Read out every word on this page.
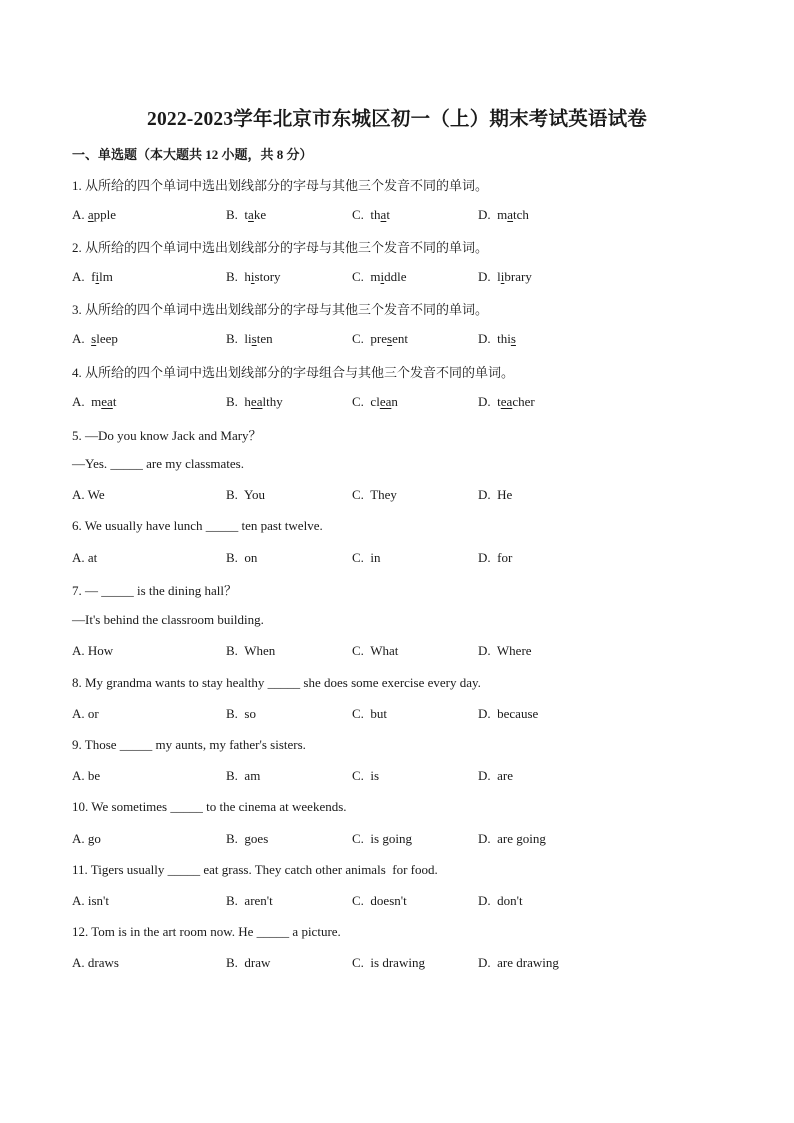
2022-2023学年北京市东城区初一（上）期末考试英语试卷
一、单选题（本大题共 12 小题，共 8 分）
1. 从所给的四个单词中选出划线部分的字母与其他三个发音不同的单词。
A. apple	B.  take	C.  that	D.  match
2. 从所给的四个单词中选出划线部分的字母与其他三个发音不同的单词。
A.  film	B.  history	C.  middle	D.  library
3. 从所给的四个单词中选出划线部分的字母与其他三个发音不同的单词。
A.  sleep	B.  listen	C.  present	D.  this
4. 从所给的四个单词中选出划线部分的字母组合与其他三个发音不同的单词。
A.  meat	B.  healthy	C.  clean	D.  teacher
5. —Do you know Jack and Mary？
—Yes. _____ are my classmates.
A. We	B.  You	C.  They	D.  He
6. We usually have lunch _____ ten past twelve.
A. at	B.  on	C.  in	D.  for
7. — _____ is the dining hall？
—It's behind the classroom building.
A. How	B.  When	C.  What	D.  Where
8. My grandma wants to stay healthy _____ she does some exercise every day.
A. or	B.  so	C.  but	D.  because
9. Those _____ my aunts, my father's sisters.
A. be	B.  am	C.  is	D.  are
10. We sometimes _____ to the cinema at weekends.
A. go	B.  goes	C.  is going	D.  are going
11. Tigers usually _____ eat grass. They catch other animals  for food.
A. isn't	B.  aren't	C.  doesn't	D.  don't
12. Tom is in the art room now. He _____ a picture.
A. draws	B.  draw	C.  is drawing	D.  are drawing
